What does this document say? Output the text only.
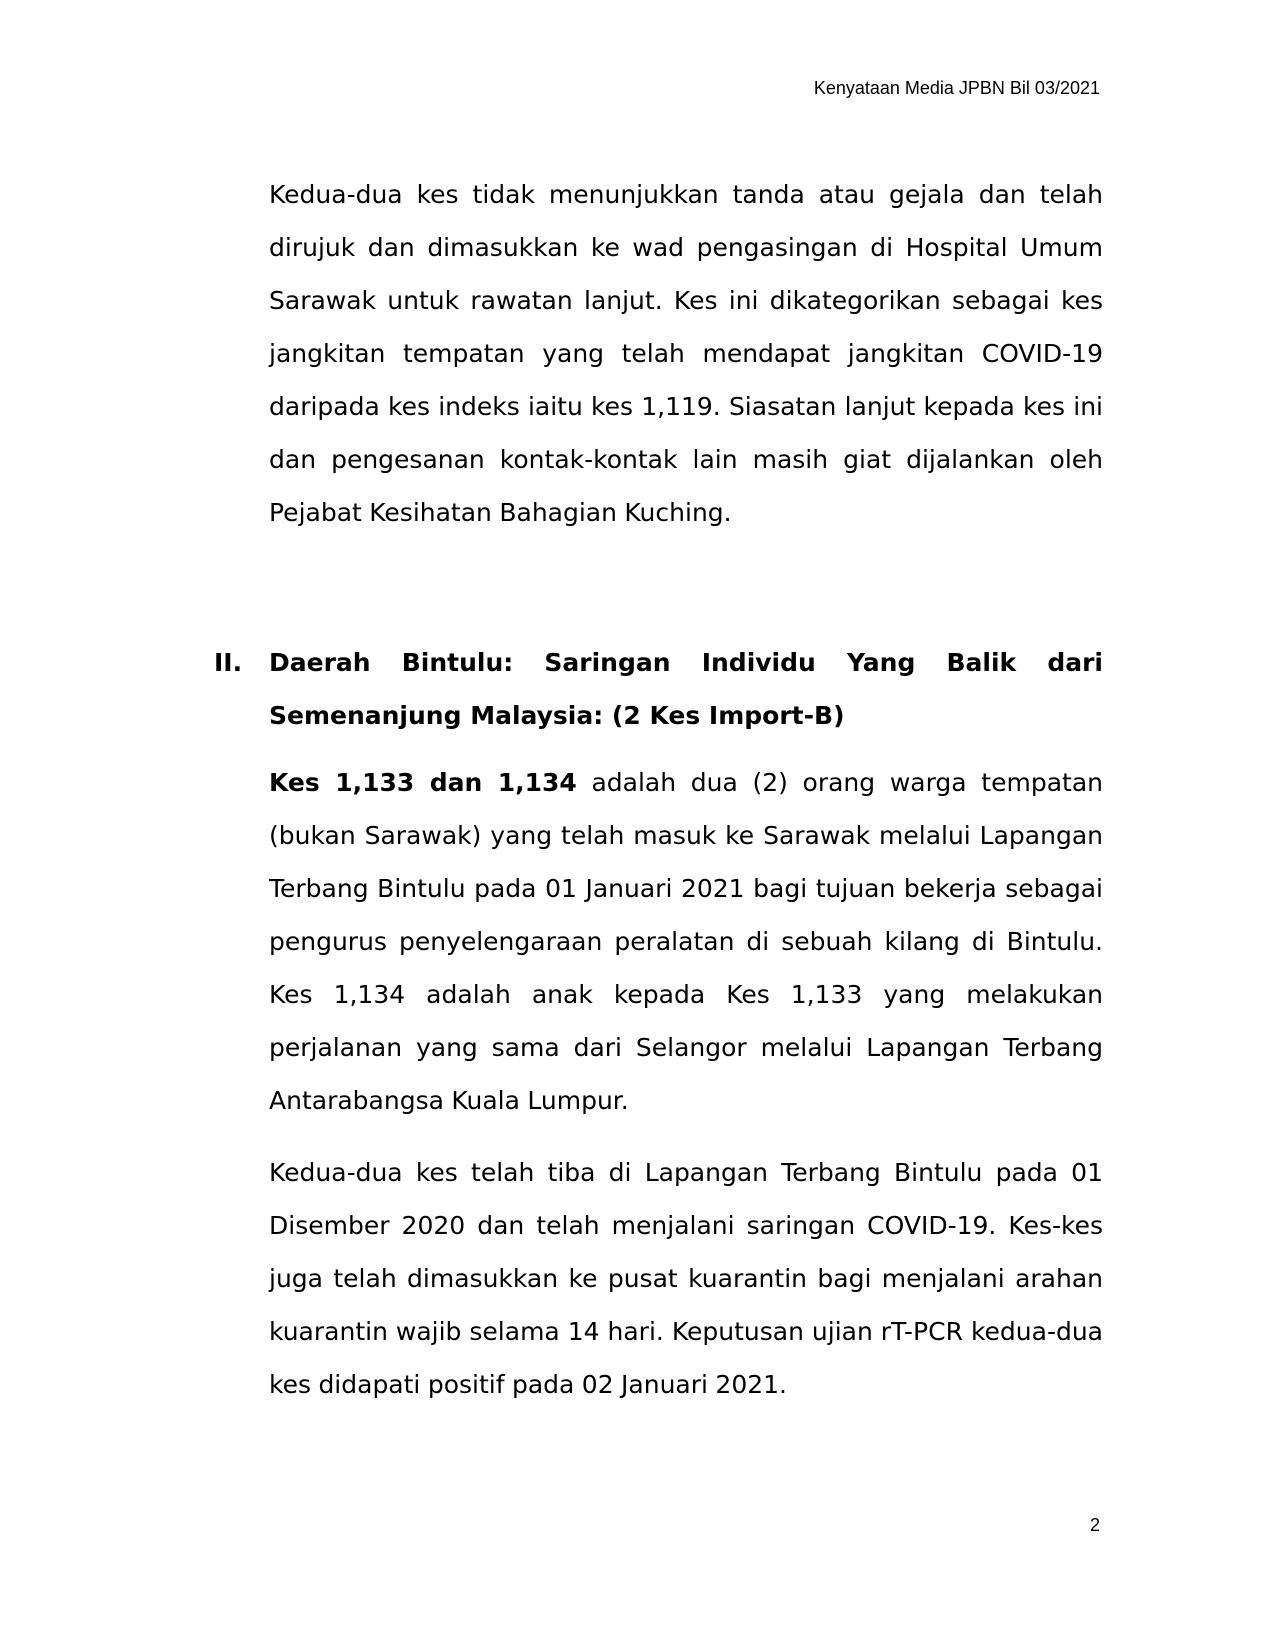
Kenyataan Media JPBN Bil 03/2021

Kedua-dua kes tidak menunjukkan tanda atau gejala dan telah dirujuk dan dimasukkan ke wad pengasingan di Hospital Umum Sarawak untuk rawatan lanjut. Kes ini dikategorikan sebagai kes jangkitan tempatan yang telah mendapat jangkitan COVID-19 daripada kes indeks iaitu kes 1,119. Siasatan lanjut kepada kes ini dan pengesanan kontak-kontak lain masih giat dijalankan oleh Pejabat Kesihatan Bahagian Kuching.

II. Daerah Bintulu: Saringan Individu Yang Balik dari Semenanjung Malaysia: (2 Kes Import-B)

Kes 1,133 dan 1,134 adalah dua (2) orang warga tempatan (bukan Sarawak) yang telah masuk ke Sarawak melalui Lapangan Terbang Bintulu pada 01 Januari 2021 bagi tujuan bekerja sebagai pengurus penyelengaraan peralatan di sebuah kilang di Bintulu. Kes 1,134 adalah anak kepada Kes 1,133 yang melakukan perjalanan yang sama dari Selangor melalui Lapangan Terbang Antarabangsa Kuala Lumpur.

Kedua-dua kes telah tiba di Lapangan Terbang Bintulu pada 01 Disember 2020 dan telah menjalani saringan COVID-19. Kes-kes juga telah dimasukkan ke pusat kuarantin bagi menjalani arahan kuarantin wajib selama 14 hari. Keputusan ujian rT-PCR kedua-dua kes didapati positif pada 02 Januari 2021.

2
